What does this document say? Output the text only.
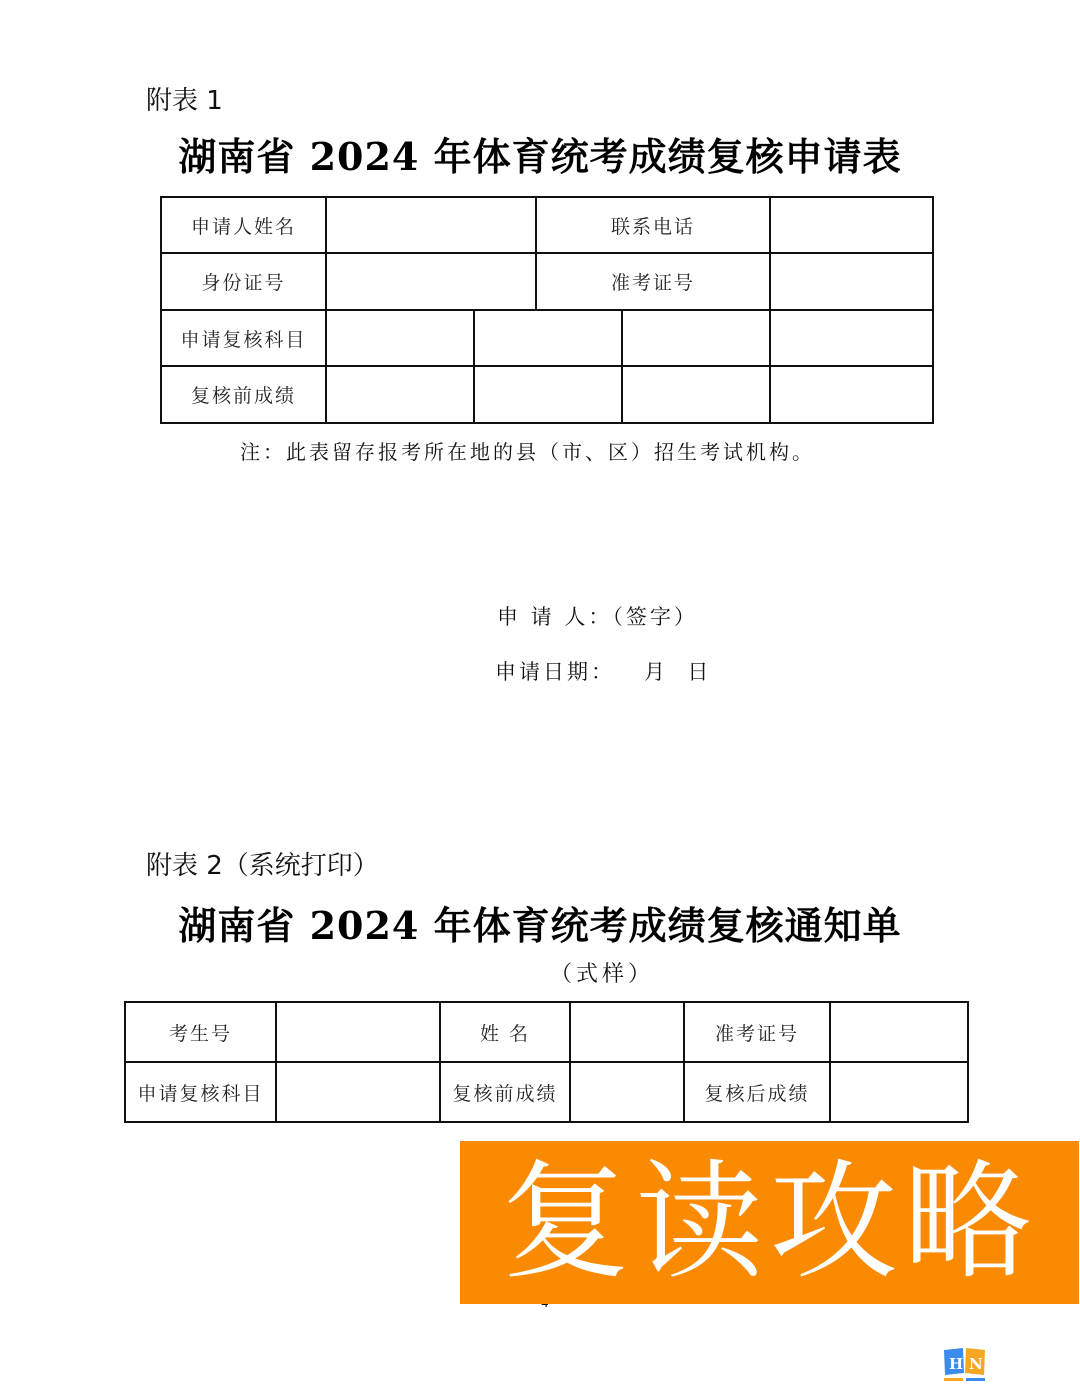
附表 1
湖南省 2024 年体育统考成绩复核申请表
申请人姓名			联系电话		
身份证号			准考证号		
申请复核科目					
复核前成绩					
注：此表留存报考所在地的县（市、区）招生考试机构。
申 请 人：（签字）
申请日期：   月  日
附表 2（系统打印）
湖南省 2024 年体育统考成绩复核通知单
（式样）
考生号		姓 名		准考证号	
申请复核科目		复核前成绩		复核后成绩	
复读攻略
H N
